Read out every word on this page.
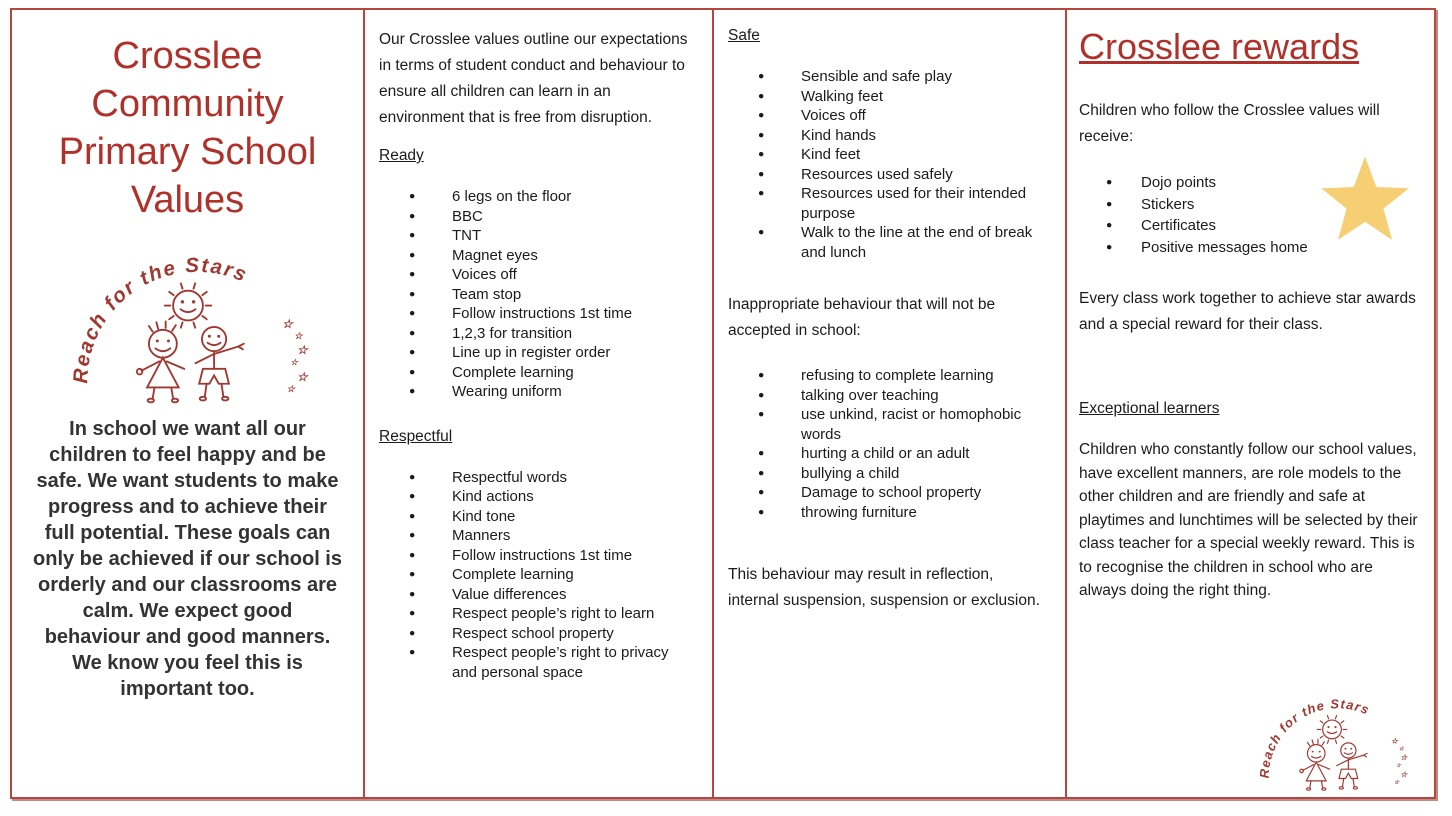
Crosslee Community Primary School Values

In school we want all our children to feel happy and be safe. We want students to make progress and to achieve their full potential. These goals can only be achieved if our school is orderly and our classrooms are calm. We expect good behaviour and good manners. We know you feel this is important too.

Our Crosslee values outline our expectations in terms of student conduct and behaviour to ensure all children can learn in an environment that is free from disruption.

Ready

● 6 legs on the floor
● BBC
● TNT
● Magnet eyes
● Voices off
● Team stop
● Follow instructions 1st time
● 1,2,3 for transition
● Line up in register order
● Complete learning
● Wearing uniform

Respectful

● Respectful words
● Kind actions
● Kind tone
● Manners
● Follow instructions 1st time
● Complete learning
● Value differences
● Respect people’s right to learn
● Respect school property
● Respect people’s right to privacy and personal space

Safe

● Sensible and safe play
● Walking feet
● Voices off
● Kind hands
● Kind feet
● Resources used safely
● Resources used for their intended purpose
● Walk to the line at the end of break and lunch

Inappropriate behaviour that will not be accepted in school:

● refusing to complete learning
● talking over teaching
● use unkind, racist or homophobic words
● hurting a child or an adult
● bullying a child
● Damage to school property
● throwing furniture

This behaviour may result in reflection, internal suspension, suspension or exclusion.

Crosslee rewards

Children who follow the Crosslee values will receive:

● Dojo points
● Stickers
● Certificates
● Positive messages home

Every class work together to achieve star awards and a special reward for their class.

Exceptional learners

Children who constantly follow our school values, have excellent manners, are role models to the other children and are friendly and safe at playtimes and lunchtimes will be selected by their class teacher for a special weekly reward. This is to recognise the children in school who are always doing the right thing.
